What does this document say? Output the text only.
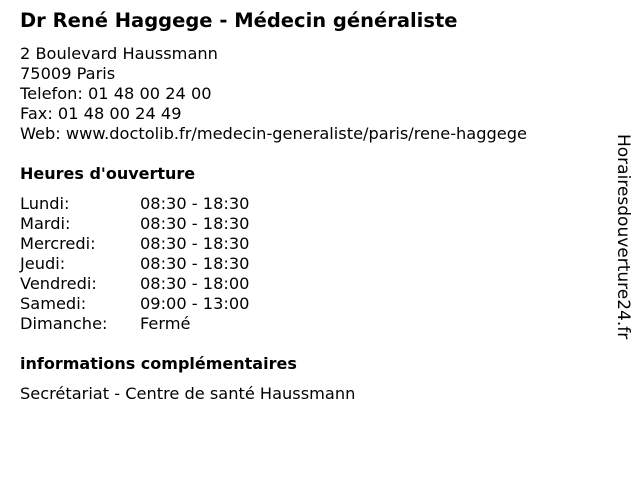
Dr René Haggege - Médecin généraliste
2 Boulevard Haussmann
75009 Paris
Telefon: 01 48 00 24 00
Fax: 01 48 00 24 49
Web: www.doctolib.fr/medecin-generaliste/paris/rene-haggege
Heures d'ouverture
Lundi:	08:30 - 18:30
Mardi:	08:30 - 18:30
Mercredi:	08:30 - 18:30
Jeudi:	08:30 - 18:30
Vendredi:	08:30 - 18:00
Samedi:	09:00 - 13:00
Dimanche:	Fermé
informations complémentaires
Secrétariat - Centre de santé Haussmann
Horairesdouverture24.fr
